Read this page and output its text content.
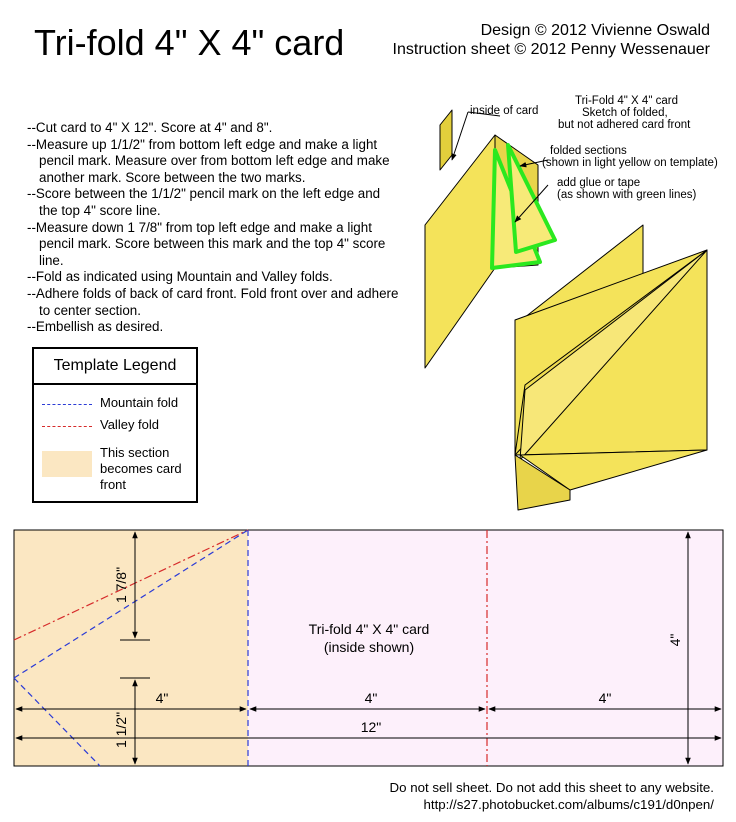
Tri-fold 4" X 4" card	Design © 2012 Vivienne Oswald
Instruction sheet © 2012 Penny Wessenauer
--Cut card to 4" X 12". Score at 4" and 8".
--Measure up 1/1/2" from bottom left edge and make a light pencil mark. Measure over from bottom left edge and make another mark. Score between the two marks.
--Score between the 1/1/2" pencil mark on the left edge and the top 4" score line.
--Measure down 1 7/8" from top left edge and make a light pencil mark. Score between this mark and the top 4" score line.
--Fold as indicated using Mountain and Valley folds.
--Adhere folds of back of card front. Fold front over and adhere to center section.
--Embellish as desired.
Template Legend
Mountain fold
Valley fold
This section becomes card front
Tri-fold 4" X 4" card
(inside shown)
1 7/8"
1 1/2"
4"	4"	4"
12"
4"
inside of card
Tri-Fold 4" X 4" card
Sketch of folded,
but not adhered card front
folded sections
(shown in light yellow on template)
add glue or tape
(as shown with green lines)
Do not sell sheet. Do not add this sheet to any website.
http://s27.photobucket.com/albums/c191/d0npen/
